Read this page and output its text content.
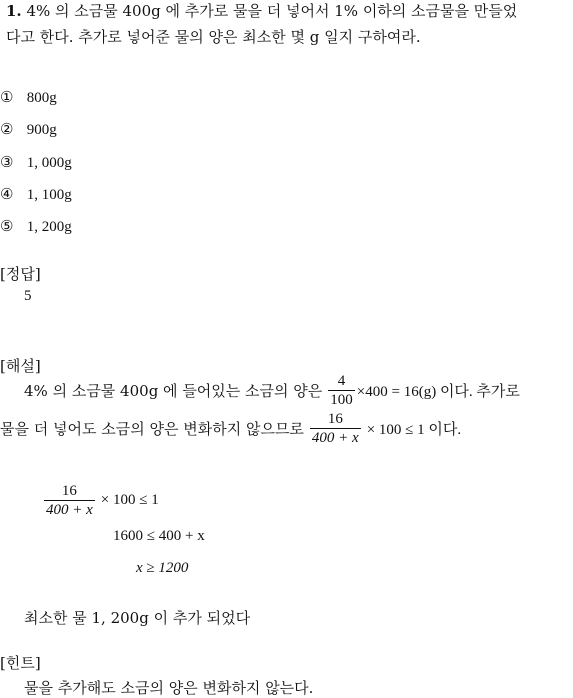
1. 4% 의 소금물 400g 에 추가로 물을 더 넣어서 1% 이하의 소금물을 만들었
다고 한다. 추가로 넣어준 물의 양은 최소한 몇 g 일지 구하여라.
① 800g
② 900g
③ 1, 000g
④ 1, 100g
⑤ 1, 200g
[정답]
5
[해설]
4% 의 소금물 400g 에 들어있는 소금의 양은 $\frac{4}{100} \times 400 = 16(g)$ 이다. 추가로
물을 더 넣어도 소금의 양은 변화하지 않으므로 $\frac{16}{400 + x} \times 100 \le 1$ 이다.
$\frac{16}{400 + x} \times 100 \le 1$
1600 ≤ 400 + x
x ≥ 1200
최소한 물 1, 200g 이 추가 되었다
[힌트]
물을 추가해도 소금의 양은 변화하지 않는다.
